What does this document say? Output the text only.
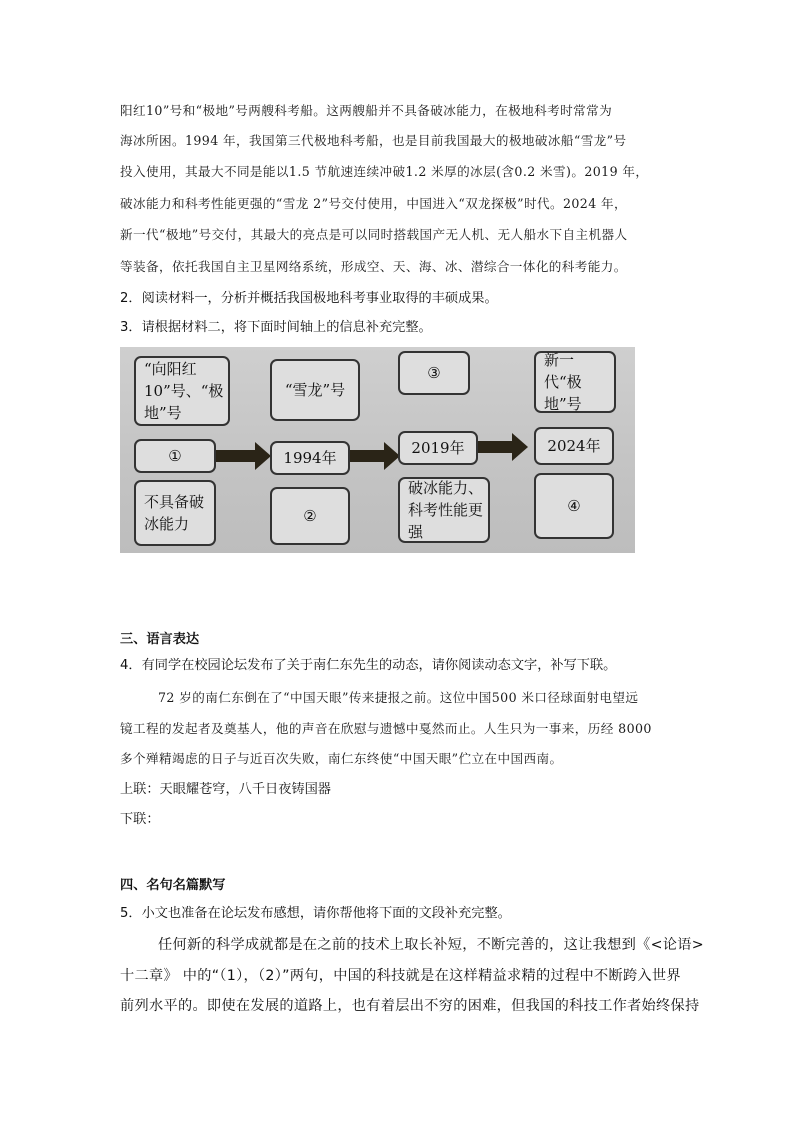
阳红10”号和“极地”号两艘科考船。这两艘船并不具备破冰能力，在极地科考时常常为
海冰所困。1994 年，我国第三代极地科考船，也是目前我国最大的极地破冰船“雪龙”号
投入使用，其最大不同是能以1.5 节航速连续冲破1.2 米厚的冰层(含0.2 米雪)。2019 年，
破冰能力和科考性能更强的“雪龙 2”号交付使用，中国进入“双龙探极”时代。2024 年，
新一代“极地”号交付，其最大的亮点是可以同时搭载国产无人机、无人船水下自主机器人
等装备，依托我国自主卫星网络系统，形成空、天、海、冰、潜综合一体化的科考能力。
2．阅读材料一，分析并概括我国极地科考事业取得的丰硕成果。
3．请根据材料二，将下面时间轴上的信息补充完整。
“向阳红10”号、“极地”号
“雪龙”号
③
新一代“极地”号
①	1994年
2019年	2024年
不具备破冰能力	②
破冰能力、科考性能更强
④
三、语言表达
4．有同学在校园论坛发布了关于南仁东先生的动态，请你阅读动态文字，补写下联。
72 岁的南仁东倒在了“中国天眼”传来捷报之前。这位中国500 米口径球面射电望远
镜工程的发起者及奠基人，他的声音在欣慰与遗憾中戛然而止。人生只为一事来，历经 8000
多个殚精竭虑的日子与近百次失败，南仁东终使“中国天眼”伫立在中国西南。
上联：天眼耀苍穹，八千日夜铸国器
下联：
四、名句名篇默写
5．小文也准备在论坛发布感想，请你帮他将下面的文段补充完整。
任何新的科学成就都是在之前的技术上取长补短，不断完善的，这让我想到《<论语>
十二章》 中的“（1），（2）”两句，中国的科技就是在这样精益求精的过程中不断跨入世界
前列水平的。即使在发展的道路上，也有着层出不穷的困难，但我国的科技工作者始终保持
